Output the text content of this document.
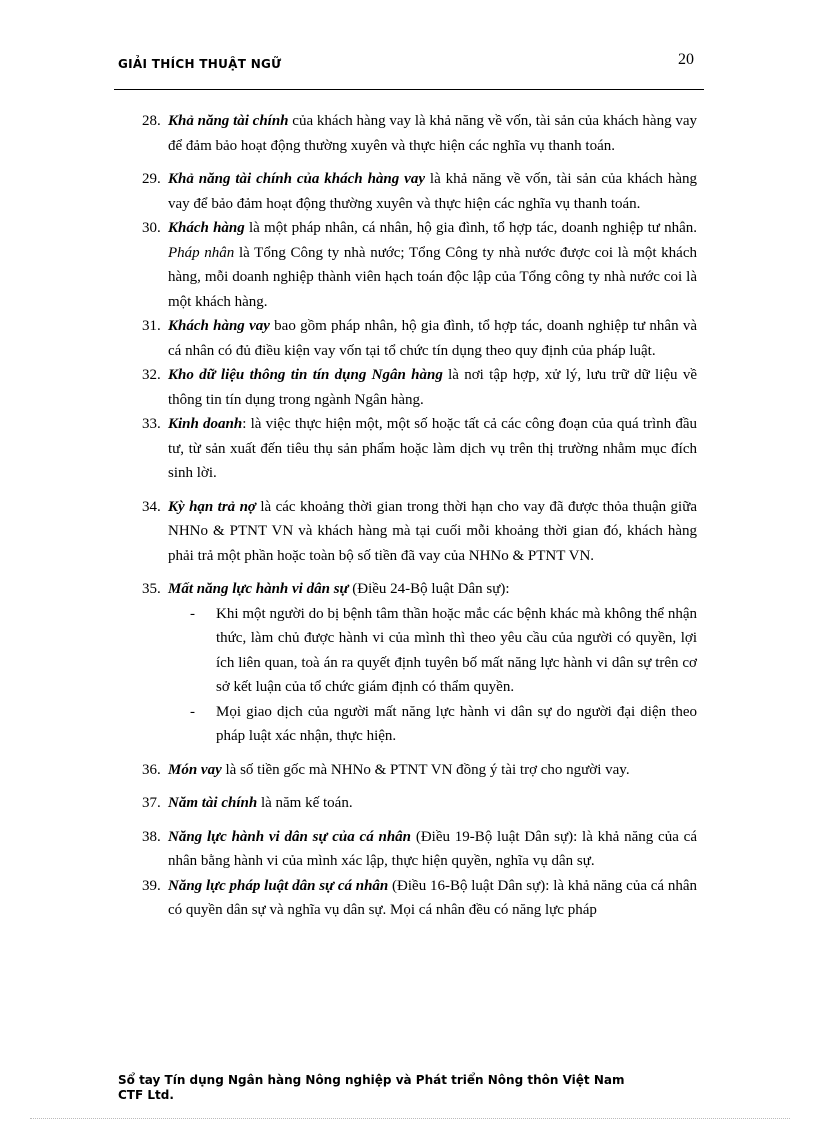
GIẢI THÍCH THUẬT NGỮ	20
28. Khả năng tài chính của khách hàng vay là khả năng về vốn, tài sản của khách hàng vay để đảm bảo hoạt động thường xuyên và thực hiện các nghĩa vụ thanh toán.
29. Khả năng tài chính của khách hàng vay là khả năng về vốn, tài sản của khách hàng vay để bảo đảm hoạt động thường xuyên và thực hiện các nghĩa vụ thanh toán.
30. Khách hàng là một pháp nhân, cá nhân, hộ gia đình, tổ hợp tác, doanh nghiệp tư nhân. Pháp nhân là Tổng Công ty nhà nước; Tổng Công ty nhà nước được coi là một khách hàng, mỗi doanh nghiệp thành viên hạch toán độc lập của Tổng công ty nhà nước coi là một khách hàng.
31. Khách hàng vay bao gồm pháp nhân, hộ gia đình, tổ hợp tác, doanh nghiệp tư nhân và cá nhân có đủ điều kiện vay vốn tại tổ chức tín dụng theo quy định của pháp luật.
32. Kho dữ liệu thông tin tín dụng Ngân hàng là nơi tập hợp, xử lý, lưu trữ dữ liệu về thông tin tín dụng trong ngành Ngân hàng.
33. Kinh doanh: là việc thực hiện một, một số hoặc tất cả các công đoạn của quá trình đầu tư, từ sản xuất đến tiêu thụ sản phẩm hoặc làm dịch vụ trên thị trường nhằm mục đích sinh lời.
34. Kỳ hạn trả nợ là các khoảng thời gian trong thời hạn cho vay đã được thỏa thuận giữa NHNo & PTNT VN và khách hàng mà tại cuối mỗi khoảng thời gian đó, khách hàng phải trả một phần hoặc toàn bộ số tiền đã vay của NHNo & PTNT VN.
35. Mất năng lực hành vi dân sự (Điều 24-Bộ luật Dân sự):
- Khi một người do bị bệnh tâm thần hoặc mắc các bệnh khác mà không thể nhận thức, làm chủ được hành vi của mình thì theo yêu cầu của người có quyền, lợi ích liên quan, toà án ra quyết định tuyên bố mất năng lực hành vi dân sự trên cơ sở kết luận của tổ chức giám định có thẩm quyền.
- Mọi giao dịch của người mất năng lực hành vi dân sự do người đại diện theo pháp luật xác nhận, thực hiện.
36. Món vay là số tiền gốc mà NHNo & PTNT VN đồng ý tài trợ cho người vay.
37. Năm tài chính là năm kế toán.
38. Năng lực hành vi dân sự của cá nhân (Điều 19-Bộ luật Dân sự): là khả năng của cá nhân bằng hành vi của mình xác lập, thực hiện quyền, nghĩa vụ dân sự.
39. Năng lực pháp luật dân sự cá nhân (Điều 16-Bộ luật Dân sự): là khả năng của cá nhân có quyền dân sự và nghĩa vụ dân sự. Mọi cá nhân đều có năng lực pháp
Sổ tay Tín dụng Ngân hàng Nông nghiệp và Phát triển Nông thôn Việt Nam
CTF Ltd.
